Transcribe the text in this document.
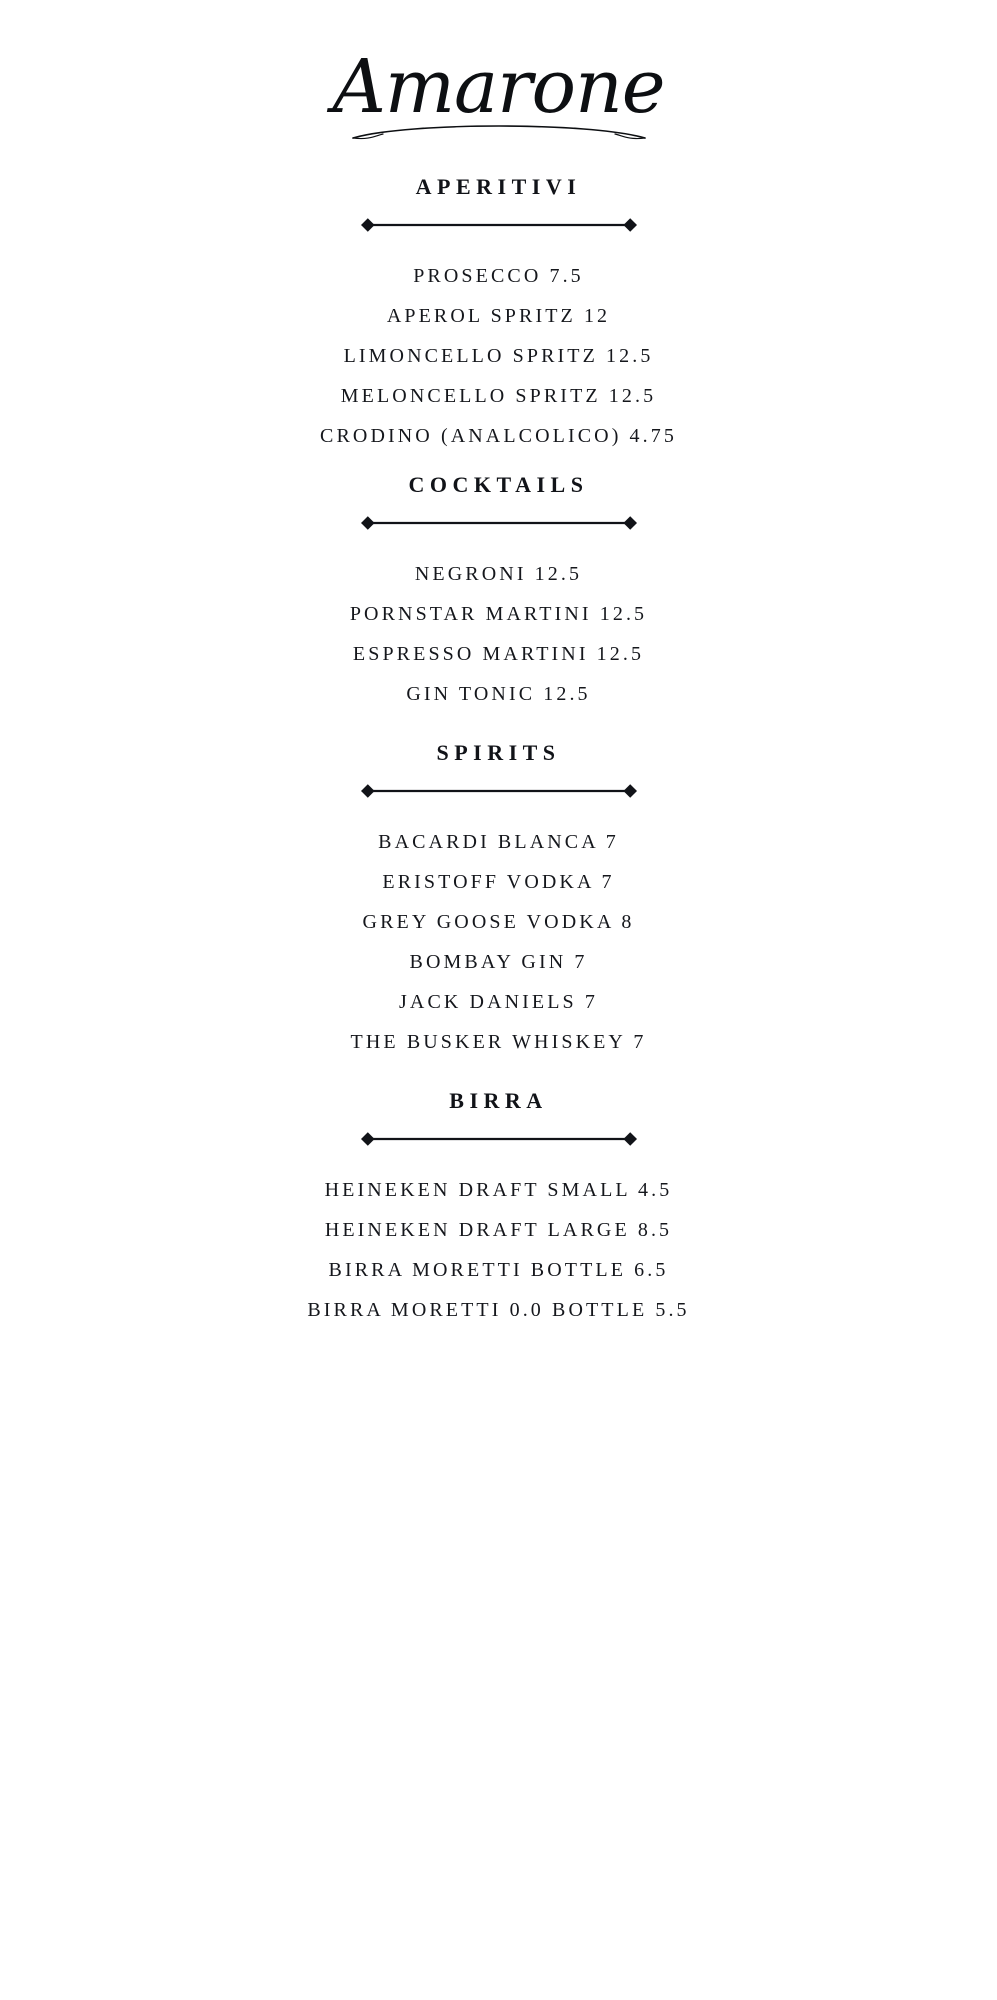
Amarone
APERITIVI
PROSECCO 7.5
APEROL SPRITZ 12
LIMONCELLO SPRITZ 12.5
MELONCELLO SPRITZ 12.5
CRODINO (ANALCOLICO) 4.75
COCKTAILS
NEGRONI 12.5
PORNSTAR MARTINI 12.5
ESPRESSO MARTINI 12.5
GIN TONIC 12.5
SPIRITS
BACARDI BLANCA 7
ERISTOFF VODKA 7
GREY GOOSE VODKA 8
BOMBAY GIN 7
JACK DANIELS 7
THE BUSKER WHISKEY 7
BIRRA
HEINEKEN DRAFT SMALL 4.5
HEINEKEN DRAFT LARGE 8.5
BIRRA MORETTI BOTTLE 6.5
BIRRA MORETTI 0.0 BOTTLE 5.5
